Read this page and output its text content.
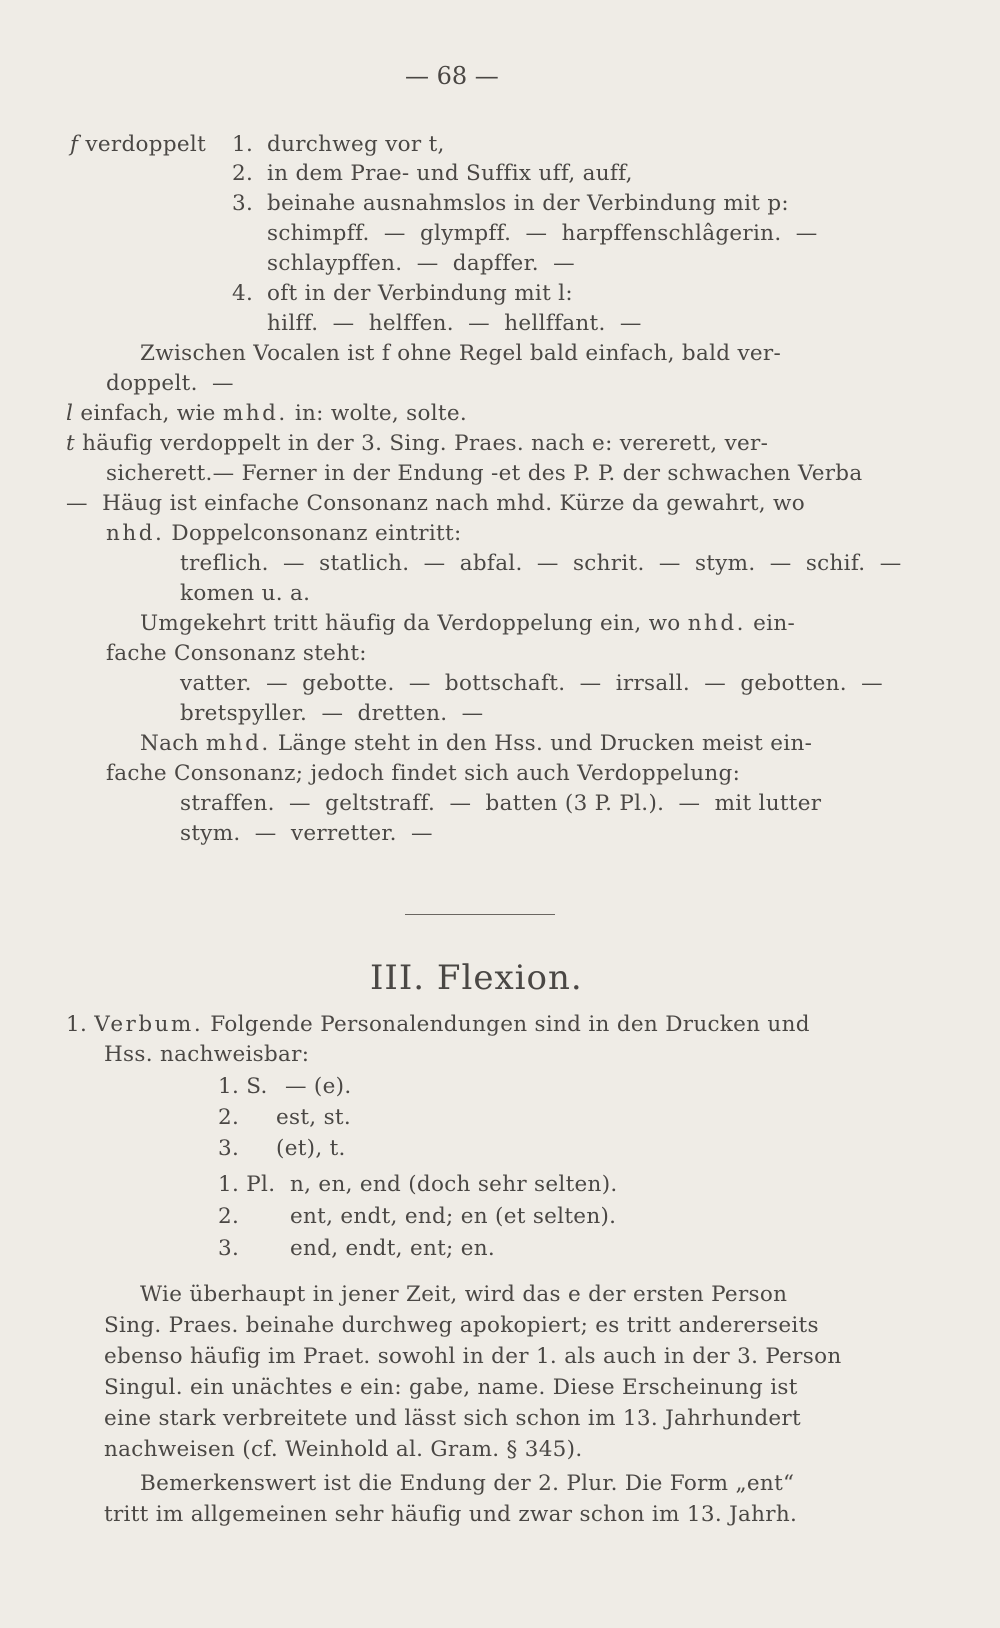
— 68 —
f verdoppelt 1. durchweg vor t,
2. in dem Prae- und Suffix uff, auff,
3. beinahe ausnahmslos in der Verbindung mit p:
schimpff.  —  glympff.  —  harpffenschlâgerin.  —
schlaypffen.  —  dapffer.  —
4. oft in der Verbindung mit l:
hilff.  —  helffen.  —  hellffant.  —
Zwischen Vocalen ist f ohne Regel bald einfach, bald ver-
doppelt.  —
l einfach, wie mhd. in: wolte, solte.
t häufig verdoppelt in der 3. Sing. Praes. nach e: vererett, ver-
sicherett.— Ferner in der Endung -et des P. P. der schwachen Verba
—  Häug ist einfache Consonanz nach mhd. Kürze da gewahrt, wo
nhd. Doppelconsonanz eintritt:
treflich.  —  statlich.  —  abfal.  —  schrit.  —  stym.  —  schif.  —
komen u. a.
Umgekehrt tritt häufig da Verdoppelung ein, wo nhd. ein-
fache Consonanz steht:
vatter.  —  gebotte.  —  bottschaft.  —  irrsall.  —  gebotten.  —
bretspyller.  —  dretten.  —
Nach mhd. Länge steht in den Hss. und Drucken meist ein-
fache Consonanz; jedoch findet sich auch Verdoppelung:
straffen.  —  geltstraff.  —  batten (3 P. Pl.).  —  mit lutter
stym.  —  verretter.  —
III. Flexion.
1. Verbum. Folgende Personalendungen sind in den Drucken und
Hss. nachweisbar:
1. S. — (e).
2. est, st.
3. (et), t.
1. Pl. n, en, end (doch sehr selten).
2. ent, endt, end; en (et selten).
3. end, endt, ent; en.
Wie überhaupt in jener Zeit, wird das e der ersten Person
Sing. Praes. beinahe durchweg apokopiert; es tritt andererseits
ebenso häufig im Praet. sowohl in der 1. als auch in der 3. Person
Singul. ein unächtes e ein: gabe, name. Diese Erscheinung ist
eine stark verbreitete und lässt sich schon im 13. Jahrhundert
nachweisen (cf. Weinhold al. Gram. § 345).
Bemerkenswert ist die Endung der 2. Plur. Die Form „ent“
tritt im allgemeinen sehr häufig und zwar schon im 13. Jahrh.
